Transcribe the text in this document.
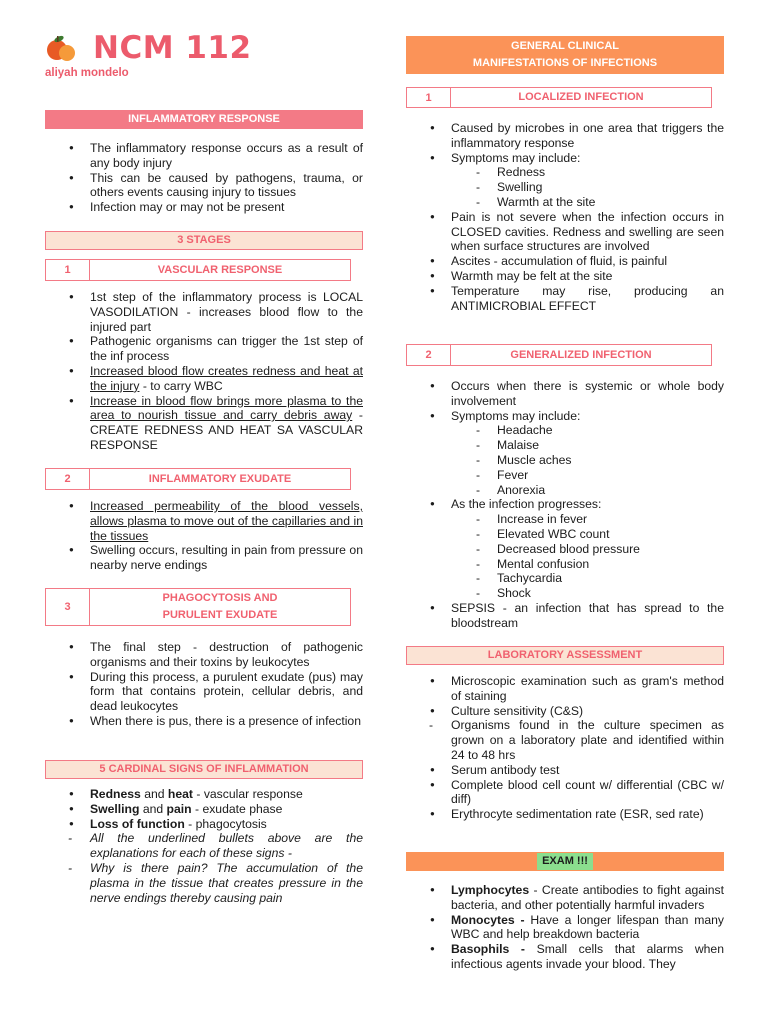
NCM 112
aliyah mondelo
INFLAMMATORY RESPONSE
● The inflammatory response occurs as a result of any body injury
● This can be caused by pathogens, trauma, or others events causing injury to tissues
● Infection may or may not be present
3 STAGES
1	VASCULAR RESPONSE
● 1st step of the inflammatory process is LOCAL VASODILATION - increases blood flow to the injured part
● Pathogenic organisms can trigger the 1st step of the inf process
● Increased blood flow creates redness and heat at the injury - to carry WBC
● Increase in blood flow brings more plasma to the area to nourish tissue and carry debris away - CREATE REDNESS AND HEAT SA VASCULAR RESPONSE
2	INFLAMMATORY EXUDATE
● Increased permeability of the blood vessels, allows plasma to move out of the capillaries and in the tissues
● Swelling occurs, resulting in pain from pressure on nearby nerve endings
3
PHAGOCYTOSIS AND
PURULENT EXUDATE
● The final step - destruction of pathogenic organisms and their toxins by leukocytes
● During this process, a purulent exudate (pus) may form that contains protein, cellular debris, and dead leukocytes
● When there is pus, there is a presence of infection
5 CARDINAL SIGNS OF INFLAMMATION
● Redness and heat - vascular response
● Swelling and pain - exudate phase
● Loss of function - phagocytosis
- All the underlined bullets above are the explanations for each of these signs -
- Why is there pain? The accumulation of the plasma in the tissue that creates pressure in the nerve endings thereby causing pain
GENERAL CLINICAL
MANIFESTATIONS OF INFECTIONS
1	LOCALIZED INFECTION
● Caused by microbes in one area that triggers the inflammatory response
● Symptoms may include:
- Redness
- Swelling
- Warmth at the site
● Pain is not severe when the infection occurs in CLOSED cavities. Redness and swelling are seen when surface structures are involved
● Ascites - accumulation of fluid, is painful
● Warmth may be felt at the site
● Temperature may rise, producing an ANTIMICROBIAL EFFECT
2	GENERALIZED INFECTION
● Occurs when there is systemic or whole body involvement
● Symptoms may include:
- Headache
- Malaise
- Muscle aches
- Fever
- Anorexia
● As the infection progresses:
- Increase in fever
- Elevated WBC count
- Decreased blood pressure
- Mental confusion
- Tachycardia
- Shock
● SEPSIS - an infection that has spread to the bloodstream
LABORATORY ASSESSMENT
● Microscopic examination such as gram's method of staining
● Culture sensitivity (C&S)
- Organisms found in the culture specimen as grown on a laboratory plate and identified within 24 to 48 hrs
● Serum antibody test
● Complete blood cell count w/ differential (CBC w/ diff)
● Erythrocyte sedimentation rate (ESR, sed rate)
EXAM !!!
● Lymphocytes - Create antibodies to fight against bacteria, and other potentially harmful invaders
● Monocytes - Have a longer lifespan than many WBC and help breakdown bacteria
● Basophils - Small cells that alarms when infectious agents invade your blood. They
